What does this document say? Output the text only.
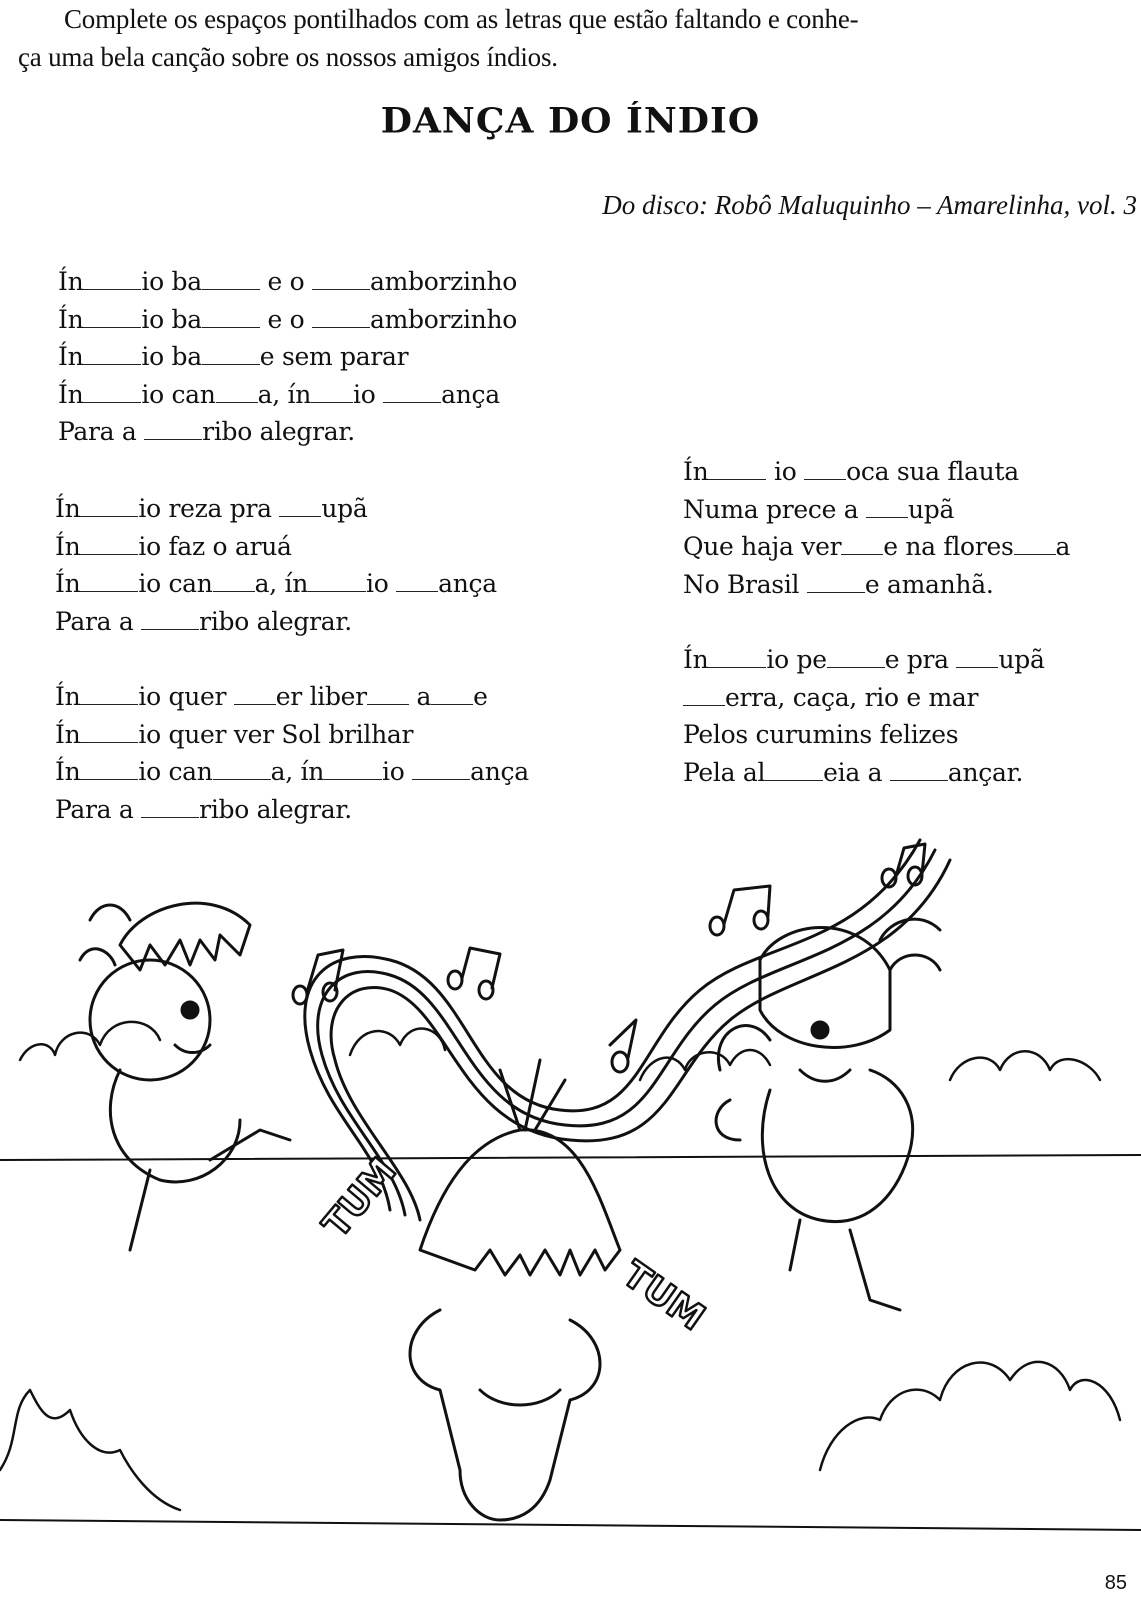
Complete os espaços pontilhados com as letras que estão faltando e conhe-
ça uma bela canção sobre os nossos amigos índios.
DANÇA DO ÍNDIO
Do disco: Robô Maluquinho – Amarelinha, vol. 3
Ín io ba e o amborzinho
Ín io ba e o amborzinho
Ín io ba e sem parar
Ín io can a, ín io ança
Para a ribo alegrar.
Ín io reza pra upã
Ín io faz o aruá
Ín io can a, ín io ança
Para a ribo alegrar.
Ín io quer er liber a e
Ín io quer ver Sol brilhar
Ín io can a, ín io ança
Para a ribo alegrar.
Ín io oca sua flauta
Numa prece a upã
Que haja ver e na flores a
No Brasil e amanhã.
Ín io pe e pra upã
erra, caça, rio e mar
Pelos curumins felizes
Pela al eia a ançar.
TUM
TUM
85
